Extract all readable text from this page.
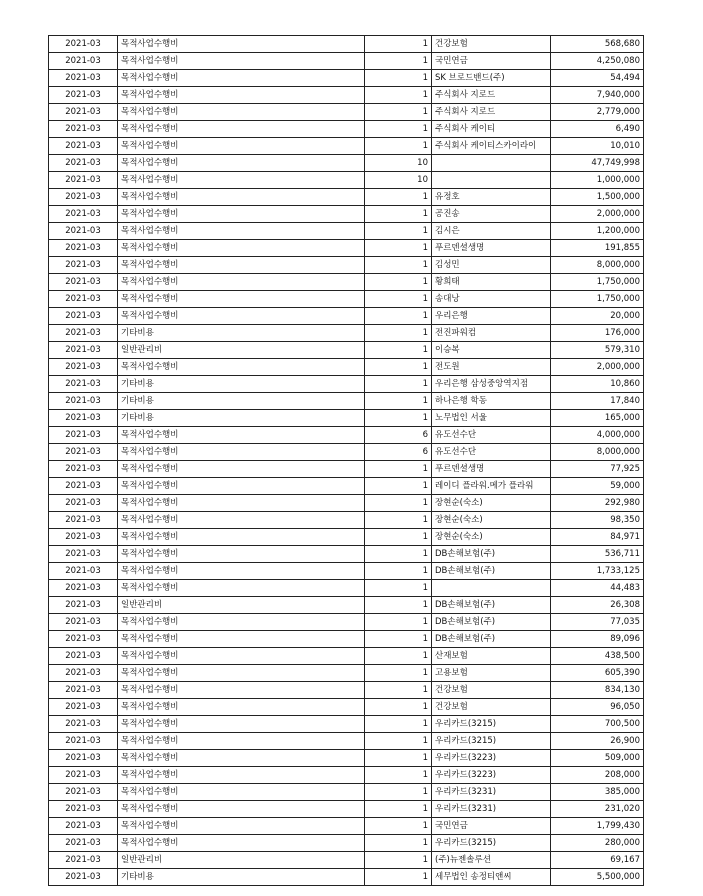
2021-03	목적사업수행비	1	건강보험	568,680
2021-03	목적사업수행비	1	국민연금	4,250,080
2021-03	목적사업수행비	1	SK 브로드밴드(주)	54,494
2021-03	목적사업수행비	1	주식회사 지로드	7,940,000
2021-03	목적사업수행비	1	주식회사 지로드	2,779,000
2021-03	목적사업수행비	1	주식회사 케이티	6,490
2021-03	목적사업수행비	1	주식회사 케이티스카이라이	10,010
2021-03	목적사업수행비	10		47,749,998
2021-03	목적사업수행비	10		1,000,000
2021-03	목적사업수행비	1	유정호	1,500,000
2021-03	목적사업수행비	1	공진송	2,000,000
2021-03	목적사업수행비	1	김시은	1,200,000
2021-03	목적사업수행비	1	푸르덴셜생명	191,855
2021-03	목적사업수행비	1	김성민	8,000,000
2021-03	목적사업수행비	1	황희태	1,750,000
2021-03	목적사업수행비	1	송대낭	1,750,000
2021-03	목적사업수행비	1	우리은행	20,000
2021-03	기타비용	1	전진파워컴	176,000
2021-03	일반관리비	1	이승복	579,310
2021-03	목적사업수행비	1	전도원	2,000,000
2021-03	기타비용	1	우리은행 삼성중앙역지점	10,860
2021-03	기타비용	1	하나은행 학동	17,840
2021-03	기타비용	1	노무법인 서울	165,000
2021-03	목적사업수행비	6	유도선수단	4,000,000
2021-03	목적사업수행비	6	유도선수단	8,000,000
2021-03	목적사업수행비	1	푸르덴셜생명	77,925
2021-03	목적사업수행비	1	레이디 플라워.메가 플라워	59,000
2021-03	목적사업수행비	1	장현순(숙소)	292,980
2021-03	목적사업수행비	1	장현순(숙소)	98,350
2021-03	목적사업수행비	1	장현순(숙소)	84,971
2021-03	목적사업수행비	1	DB손해보험(주)	536,711
2021-03	목적사업수행비	1	DB손해보험(주)	1,733,125
2021-03	목적사업수행비	1		44,483
2021-03	일반관리비	1	DB손해보험(주)	26,308
2021-03	목적사업수행비	1	DB손해보험(주)	77,035
2021-03	목적사업수행비	1	DB손해보험(주)	89,096
2021-03	목적사업수행비	1	산재보험	438,500
2021-03	목적사업수행비	1	고용보험	605,390
2021-03	목적사업수행비	1	건강보험	834,130
2021-03	목적사업수행비	1	건강보험	96,050
2021-03	목적사업수행비	1	우리카드(3215)	700,500
2021-03	목적사업수행비	1	우리카드(3215)	26,900
2021-03	목적사업수행비	1	우리카드(3223)	509,000
2021-03	목적사업수행비	1	우리카드(3223)	208,000
2021-03	목적사업수행비	1	우리카드(3231)	385,000
2021-03	목적사업수행비	1	우리카드(3231)	231,020
2021-03	목적사업수행비	1	국민연금	1,799,430
2021-03	목적사업수행비	1	우리카드(3215)	280,000
2021-03	일반관리비	1	(주)뉴젠솔루션	69,167
2021-03	기타비용	1	세무법인 송정티앤씨	5,500,000
